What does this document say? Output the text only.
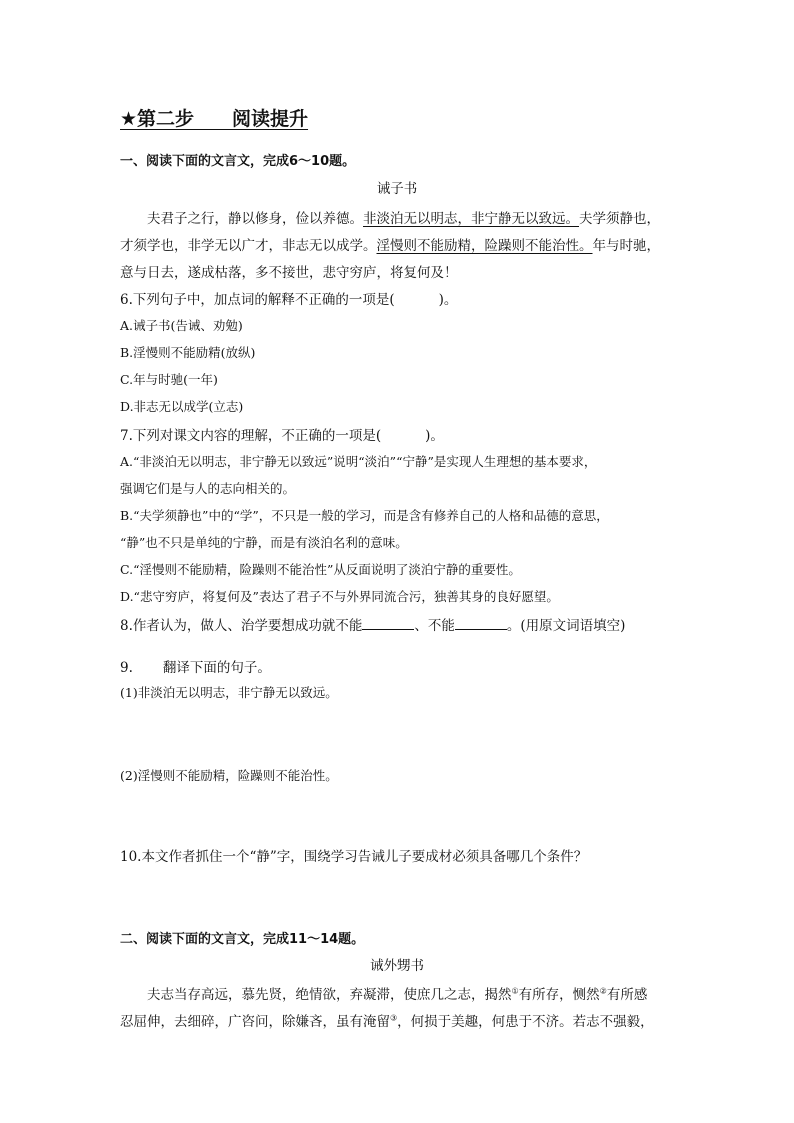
★第二步　　阅读提升
一、阅读下面的文言文，完成6～10题。
诫子书
夫君子之行，静以修身，俭以养德。非淡泊无以明志，非宁静无以致远。夫学须静也，
才须学也，非学无以广才，非志无以成学。淫慢则不能励精，险躁则不能治性。年与时驰，
意与日去，遂成枯落，多不接世，悲守穷庐，将复何及！
6.下列句子中，加点词的解释不正确的一项是(	)。
A.诫子书(告诫、劝勉)
B.淫慢则不能励精(放纵)
C.年与时驰(一年)
D.非志无以成学(立志)
7.下列对课文内容的理解，不正确的一项是(	)。
A.“非淡泊无以明志，非宁静无以致远”说明“淡泊”“宁静”是实现人生理想的基本要求，
强调它们是与人的志向相关的。
B.“夫学须静也”中的“学”，不只是一般的学习，而是含有修养自己的人格和品德的意思，
“静”也不只是单纯的宁静，而是有淡泊名利的意味。
C.“淫慢则不能励精，险躁则不能治性”从反面说明了淡泊宁静的重要性。
D.“悲守穷庐，将复何及”表达了君子不与外界同流合污，独善其身的良好愿望。
8.作者认为，做人、治学要想成功就不能	、不能	。(用原文词语填空)
9. 翻译下面的句子。
(1)非淡泊无以明志，非宁静无以致远。
(2)淫慢则不能励精，险躁则不能治性。
10.本文作者抓住一个“静”字，围绕学习告诫儿子要成材必须具备哪几个条件？
二、阅读下面的文言文，完成11～14题。
诫外甥书
夫志当存高远，慕先贤，绝情欲，弃凝滞，使庶几之志，揭然①有所存，恻然②有所感
忍屈伸，去细碎，广咨问，除嫌吝，虽有淹留③，何损于美趣，何患于不济。若志不强毅，
